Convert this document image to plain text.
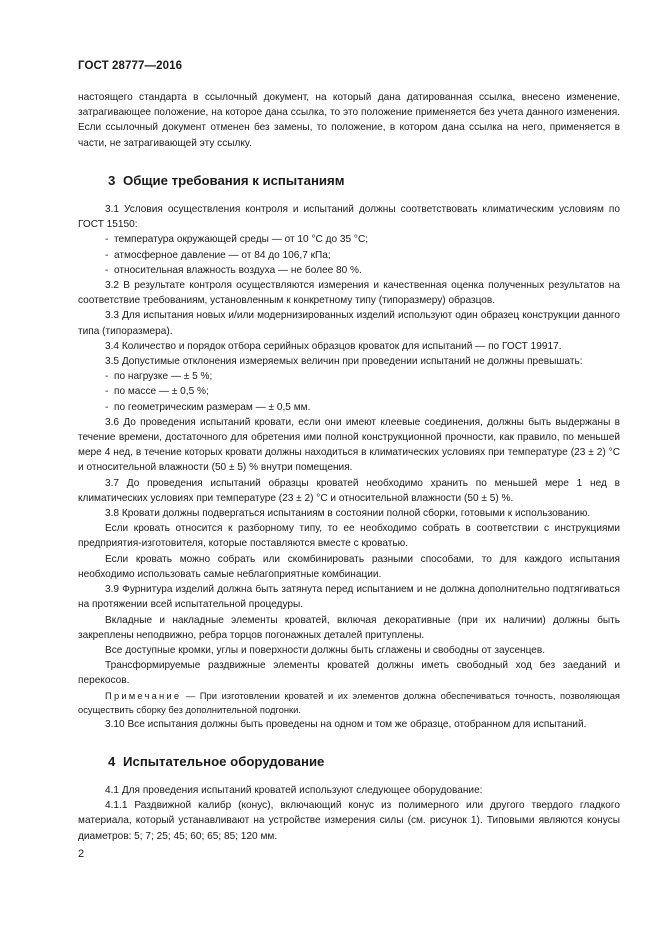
ГОСТ 28777—2016

настоящего стандарта в ссылочный документ, на который дана датированная ссылка, внесено изменение, затрагивающее положение, на которое дана ссылка, то это положение применяется без учета данного изменения. Если ссылочный документ отменен без замены, то положение, в котором дана ссылка на него, применяется в части, не затрагивающей эту ссылку.

3 Общие требования к испытаниям

3.1 Условия осуществления контроля и испытаний должны соответствовать климатическим условиям по ГОСТ 15150:

- температура окружающей среды — от 10 °C до 35 °C;

- атмосферное давление — от 84 до 106,7 кПа;

- относительная влажность воздуха — не более 80 %.

3.2 В результате контроля осуществляются измерения и качественная оценка полученных результатов на соответствие требованиям, установленным к конкретному типу (типоразмеру) образцов.

3.3 Для испытания новых и/или модернизированных изделий используют один образец конструкции данного типа (типоразмера).

3.4 Количество и порядок отбора серийных образцов кроваток для испытаний — по ГОСТ 19917.

3.5 Допустимые отклонения измеряемых величин при проведении испытаний не должны превышать:

- по нагрузке — ± 5 %;

- по массе — ± 0,5 %;

- по геометрическим размерам — ± 0,5 мм.

3.6 До проведения испытаний кровати, если они имеют клеевые соединения, должны быть выдержаны в течение времени, достаточного для обретения ими полной конструкционной прочности, как правило, по меньшей мере 4 нед, в течение которых кровати должны находиться в климатических условиях при температуре (23 ± 2) °C и относительной влажности (50 ± 5) % внутри помещения.

3.7 До проведения испытаний образцы кроватей необходимо хранить по меньшей мере 1 нед в климатических условиях при температуре (23 ± 2) °C и относительной влажности (50 ± 5) %.

3.8 Кровати должны подвергаться испытаниям в состоянии полной сборки, готовыми к использованию.

Если кровать относится к разборному типу, то ее необходимо собрать в соответствии с инструкциями предприятия-изготовителя, которые поставляются вместе с кроватью.

Если кровать можно собрать или скомбинировать разными способами, то для каждого испытания необходимо использовать самые неблагоприятные комбинации.

3.9 Фурнитура изделий должна быть затянута перед испытанием и не должна дополнительно подтягиваться на протяжении всей испытательной процедуры.

Вкладные и накладные элементы кроватей, включая декоративные (при их наличии) должны быть закреплены неподвижно, ребра торцов погонажных деталей притуплены.

Все доступные кромки, углы и поверхности должны быть сглажены и свободны от заусенцев.

Трансформируемые раздвижные элементы кроватей должны иметь свободный ход без заеданий и перекосов.

Примечание — При изготовлении кроватей и их элементов должна обеспечиваться точность, позволяющая осуществить сборку без дополнительной подгонки.

3.10 Все испытания должны быть проведены на одном и том же образце, отобранном для испытаний.

4 Испытательное оборудование

4.1 Для проведения испытаний кроватей используют следующее оборудование:

4.1.1 Раздвижной калибр (конус), включающий конус из полимерного или другого твердого гладкого материала, который устанавливают на устройстве измерения силы (см. рисунок 1). Типовыми являются конусы диаметров: 5; 7; 25; 45; 60; 65; 85; 120 мм.

2
